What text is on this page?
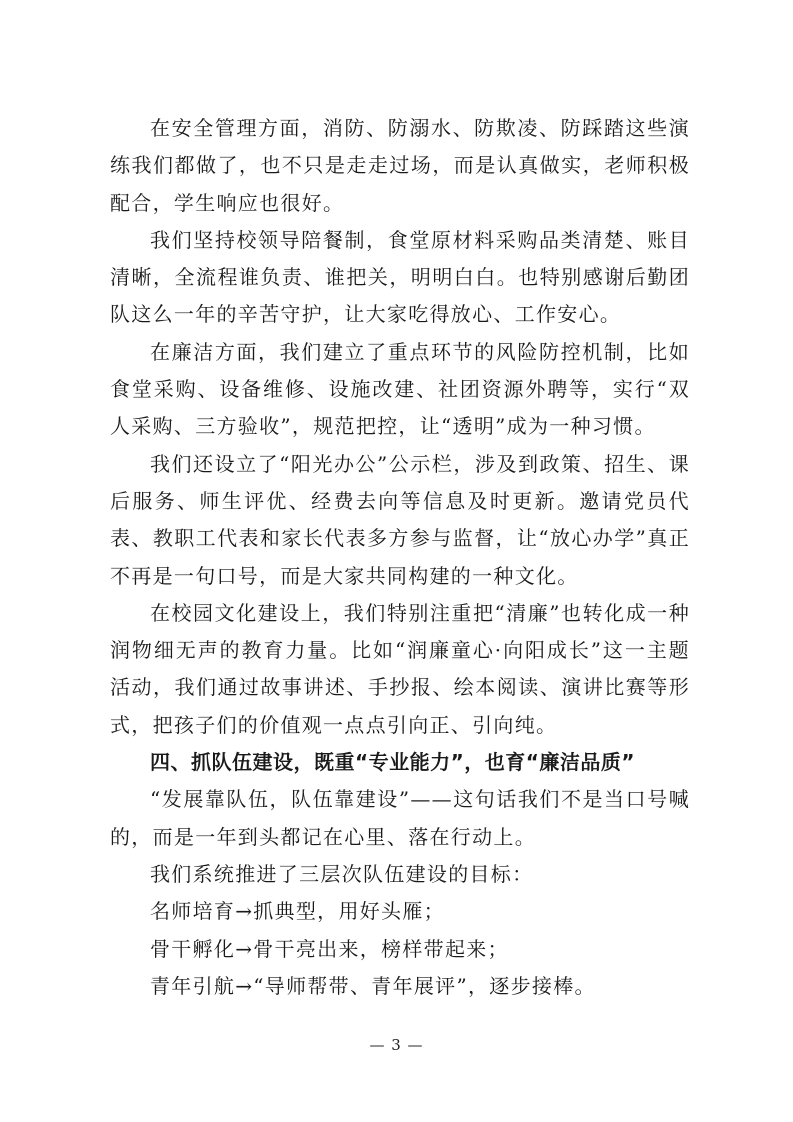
在安全管理方面，消防、防溺水、防欺凌、防踩踏这些演练我们都做了，也不只是走走过场，而是认真做实，老师积极配合，学生响应也很好。

我们坚持校领导陪餐制，食堂原材料采购品类清楚、账目清晰，全流程谁负责、谁把关，明明白白。也特别感谢后勤团队这么一年的辛苦守护，让大家吃得放心、工作安心。

在廉洁方面，我们建立了重点环节的风险防控机制，比如食堂采购、设备维修、设施改建、社团资源外聘等，实行“双人采购、三方验收”，规范把控，让“透明”成为一种习惯。

我们还设立了“阳光办公”公示栏，涉及到政策、招生、课后服务、师生评优、经费去向等信息及时更新。邀请党员代表、教职工代表和家长代表多方参与监督，让“放心办学”真正不再是一句口号，而是大家共同构建的一种文化。

在校园文化建设上，我们特别注重把“清廉”也转化成一种润物细无声的教育力量。比如“润廉童心·向阳成长”这一主题活动，我们通过故事讲述、手抄报、绘本阅读、演讲比赛等形式，把孩子们的价值观一点点引向正、引向纯。

四、抓队伍建设，既重“专业能力”，也育“廉洁品质”

“发展靠队伍，队伍靠建设”——这句话我们不是当口号喊的，而是一年到头都记在心里、落在行动上。

我们系统推进了三层次队伍建设的目标：

名师培育→抓典型，用好头雁；

骨干孵化→骨干亮出来，榜样带起来；

青年引航→“导师帮带、青年展评”，逐步接棒。

— 3 —
